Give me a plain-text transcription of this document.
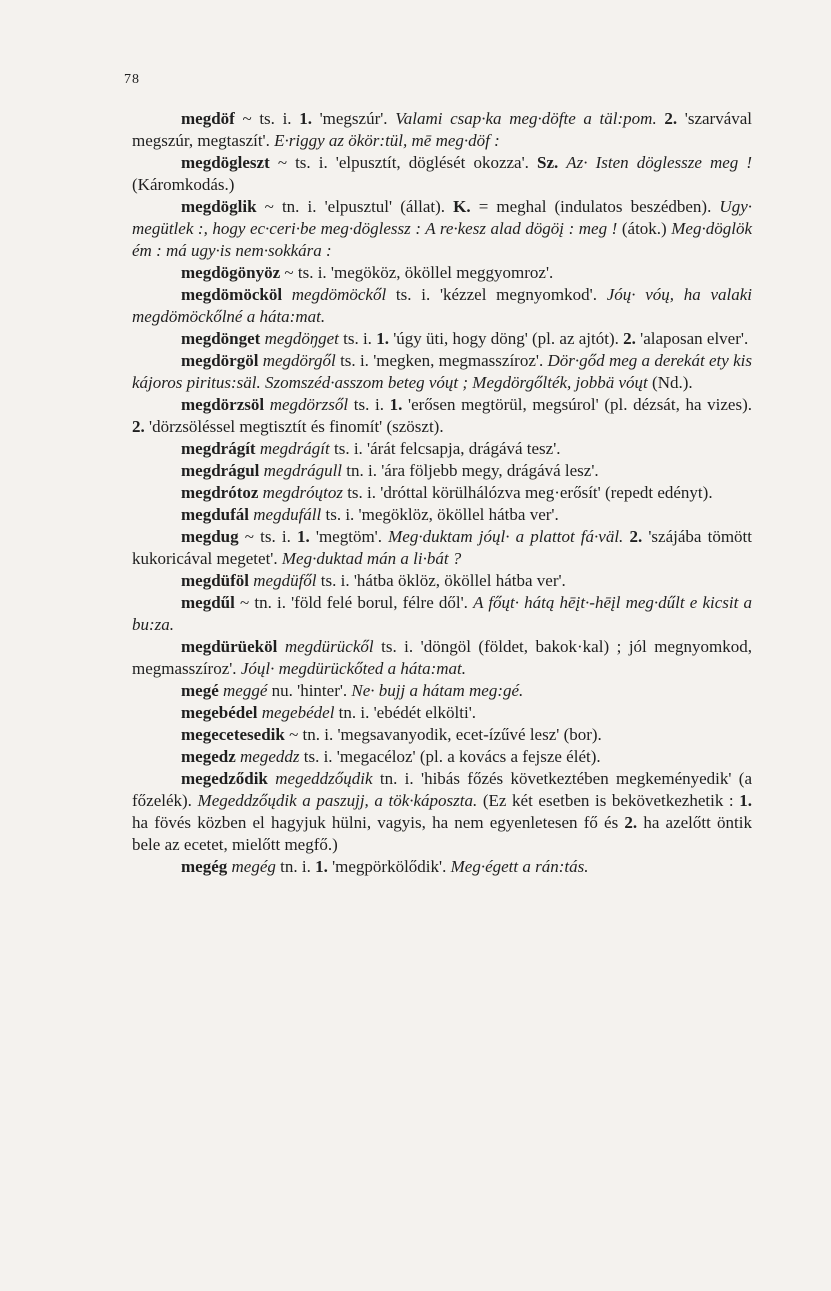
78

megdöf ~ ts. i. 1. 'megszúr'. Valami csap·ka meg·döfte a täl:pom. 2. 'szarvával megszúr, megtaszít'. E·riggy az ökör:tül, mē meg·döf :

megdögleszt ~ ts. i. 'elpusztít, döglését okozza'. Sz. Az· Isten döglessze meg ! (Káromkodás.)

megdöglik ~ tn. i. 'elpusztul' (állat). K. = meghal (indulatos beszédben). Ugy· megütlek :, hogy ec·ceri·be meg·döglessz : A re·kesz alad dögöį : meg ! (átok.) Meg·döglök ém : má ugy·is nem·sokkára :

megdögönyöz ~ ts. i. 'megököz, ököllel meggyomroz'.

megdömöcköl megdömöckől ts. i. 'kézzel megnyomkod'. Jóų· vóų, ha valaki megdömöckőlné a háta:mat.

megdönget megdöŋget ts. i. 1. 'úgy üti, hogy döng' (pl. az ajtót). 2. 'alaposan elver'.

megdörgöl megdörgől ts. i. 'megken, megmasszíroz'. Dör·gőd meg a derekát ety kis kájoros piritus:säl. Szomszéd·asszom beteg vóųt ; Megdörgőlték, jobbä vóųt (Nd.).

megdörzsöl megdörzsől ts. i. 1. 'erősen megtörül, megsúrol' (pl. dézsát, ha vizes). 2. 'dörzsöléssel megtisztít és finomít' (szöszt).

megdrágít megdrágít ts. i. 'árát felcsapja, drágává tesz'.

megdrágul megdrágull tn. i. 'ára följebb megy, drágává lesz'.

megdrótoz megdróųtoz ts. i. 'dróttal körülhálózva meg·erősít' (repedt edényt).

megdufál megdufáll ts. i. 'megöklöz, ököllel hátba ver'.

megdug ~ ts. i. 1. 'megtöm'. Meg·duktam jóųl· a plattot fá·väl. 2. 'szájába tömött kukoricával megetet'. Meg·duktad mán a li·bát ?

megdüföl megdüfől ts. i. 'hátba öklöz, ököllel hátba ver'.

megdűl ~ tn. i. 'föld felé borul, félre dől'. A főųt· hátą hēįt·-hēįl meg·dűlt e kicsit a bu:za.

megdürüeköl megdürückől ts. i. 'döngöl (földet, bakok·kal) ; jól megnyomkod, megmasszíroz'. Jóųl· megdürückőted a háta:mat.

megé meggé nu. 'hinter'. Ne· bujj a hátam meg:gé.

megebédel megebédel tn. i. 'ebédét elkölti'.

megecetesedik ~ tn. i. 'megsavanyodik, ecet-ízűvé lesz' (bor).

megedz megeddz ts. i. 'megacéloz' (pl. a kovács a fejsze élét).

megedződik megeddzőųdik tn. i. 'hibás főzés következtében megkeményedik' (a főzelék). Megeddzőųdik a paszujj, a tök·káposzta. (Ez két esetben is bekövetkezhetik : 1. ha fövés közben el hagyjuk hülni, vagyis, ha nem egyenletesen fő és 2. ha azelőtt öntik bele az ecetet, mielőtt megfő.)

megég megég tn. i. 1. 'megpörkölődik'. Meg·égett a rán:tás.
